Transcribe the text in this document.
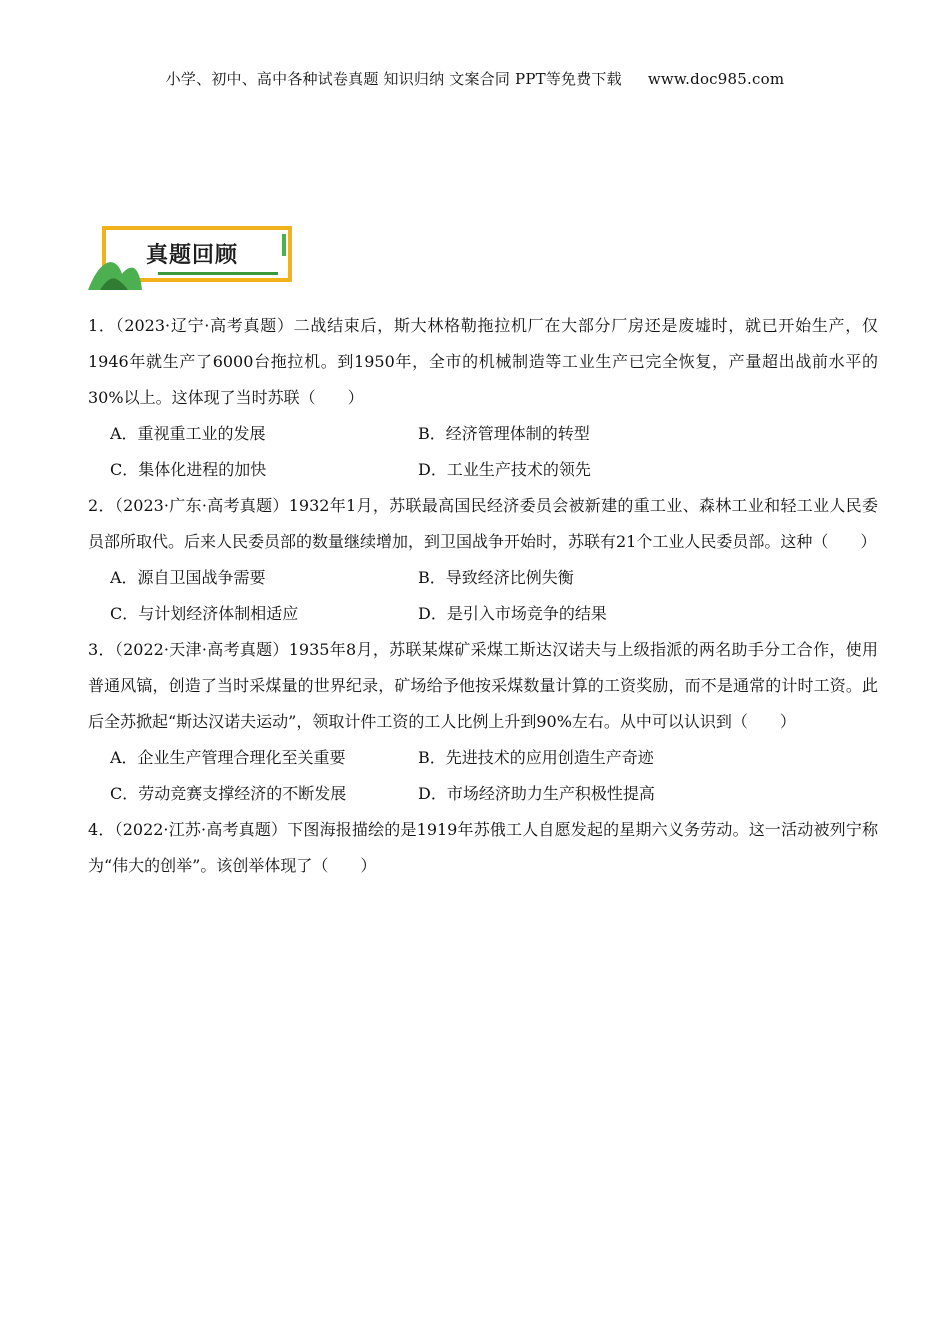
小学、初中、高中各种试卷真题 知识归纳 文案合同 PPT等免费下载 www.doc985.com
真题回顾
1．（2023·辽宁·高考真题）二战结束后，斯大林格勒拖拉机厂在大部分厂房还是废墟时，就已开始生产，仅1946年就生产了6000台拖拉机。到1950年，全市的机械制造等工业生产已完全恢复，产量超出战前水平的30%以上。这体现了当时苏联（　　）
A．重视重工业的发展	B．经济管理体制的转型
C．集体化进程的加快	D．工业生产技术的领先
2．（2023·广东·高考真题）1932年1月，苏联最高国民经济委员会被新建的重工业、森林工业和轻工业人民委员部所取代。后来人民委员部的数量继续增加，到卫国战争开始时，苏联有21个工业人民委员部。这种（　　）
A．源自卫国战争需要	B．导致经济比例失衡
C．与计划经济体制相适应	D．是引入市场竞争的结果
3．（2022·天津·高考真题）1935年8月，苏联某煤矿采煤工斯达汉诺夫与上级指派的两名助手分工合作，使用普通风镐，创造了当时采煤量的世界纪录，矿场给予他按采煤数量计算的工资奖励，而不是通常的计时工资。此后全苏掀起“斯达汉诺夫运动”，领取计件工资的工人比例上升到90%左右。从中可以认识到（　　）
A．企业生产管理合理化至关重要	B．先进技术的应用创造生产奇迹
C．劳动竞赛支撑经济的不断发展	D．市场经济助力生产积极性提高
4．（2022·江苏·高考真题）下图海报描绘的是1919年苏俄工人自愿发起的星期六义务劳动。这一活动被列宁称为“伟大的创举”。该创举体现了（　　）
